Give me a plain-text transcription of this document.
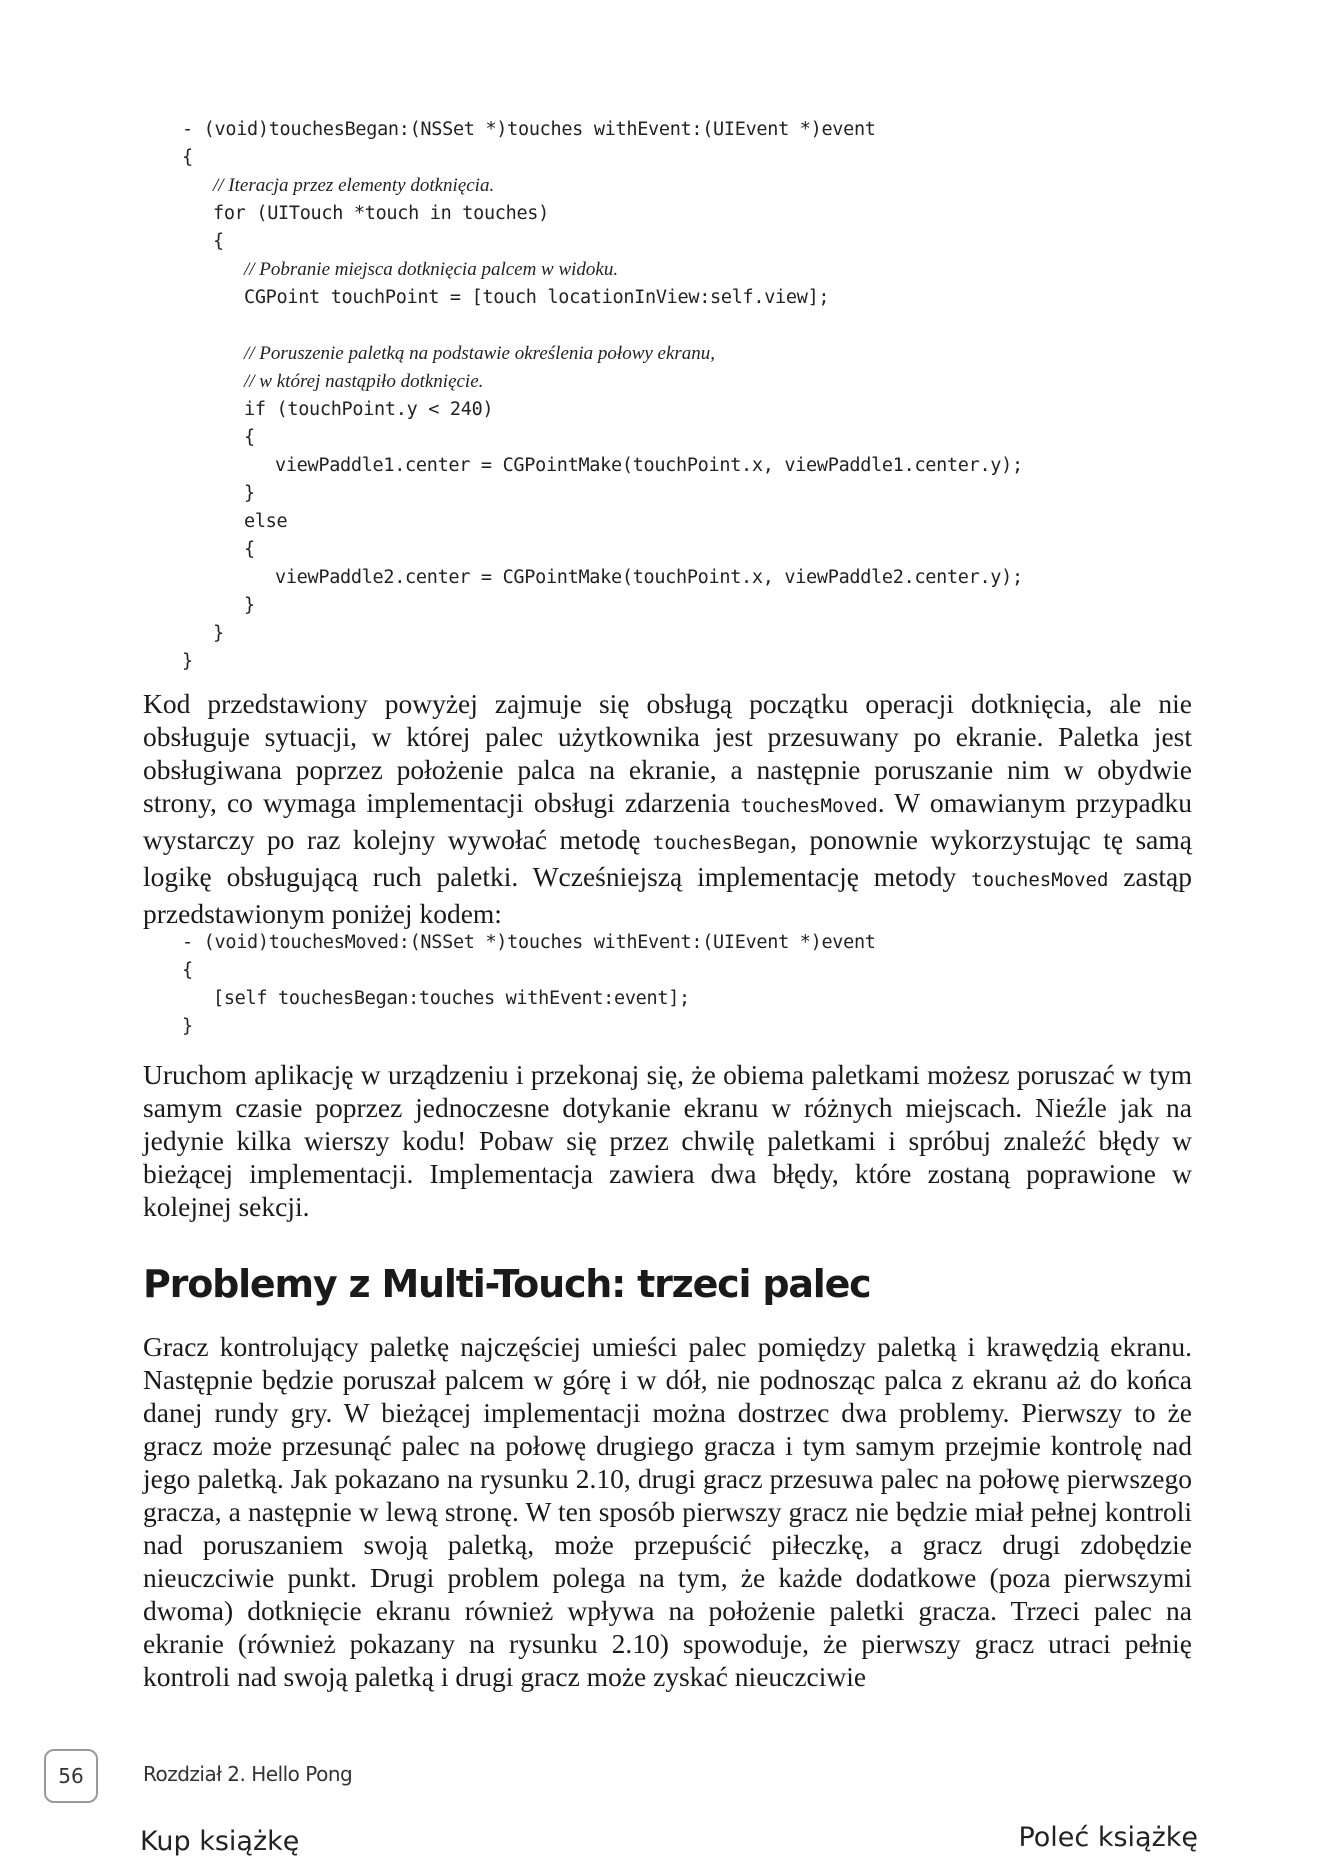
- (void)touchesBegan:(NSSet *)touches withEvent:(UIEvent *)event
{
// Iteracja przez elementy dotknięcia.
for (UITouch *touch in touches)
{
// Pobranie miejsca dotknięcia palcem w widoku.
CGPoint touchPoint = [touch locationInView:self.view];
// Poruszenie paletką na podstawie określenia połowy ekranu,
// w której nastąpiło dotknięcie.
if (touchPoint.y < 240)
{
viewPaddle1.center = CGPointMake(touchPoint.x, viewPaddle1.center.y);
}
else
{
viewPaddle2.center = CGPointMake(touchPoint.x, viewPaddle2.center.y);
}
}
}
Kod przedstawiony powyżej zajmuje się obsługą początku operacji dotknięcia, ale nie obsługuje sytuacji, w której palec użytkownika jest przesuwany po ekranie. Paletka jest obsługiwana poprzez położenie palca na ekranie, a następnie poruszanie nim w obydwie strony, co wymaga implementacji obsługi zdarzenia touchesMoved. W omawianym przypadku wystarczy po raz kolejny wywołać metodę touchesBegan, ponownie wykorzystując tę samą logikę obsługującą ruch paletki. Wcześniejszą implementację metody touchesMoved zastąp przedstawionym poniżej kodem:
- (void)touchesMoved:(NSSet *)touches withEvent:(UIEvent *)event
{
[self touchesBegan:touches withEvent:event];
}
Uruchom aplikację w urządzeniu i przekonaj się, że obiema paletkami możesz poruszać w tym samym czasie poprzez jednoczesne dotykanie ekranu w różnych miejscach. Nieźle jak na jedynie kilka wierszy kodu! Pobaw się przez chwilę paletkami i spróbuj znaleźć błędy w bieżącej implementacji. Implementacja zawiera dwa błędy, które zostaną poprawione w kolejnej sekcji.
Problemy z Multi-Touch: trzeci palec
Gracz kontrolujący paletkę najczęściej umieści palec pomiędzy paletką i krawędzią ekranu. Następnie będzie poruszał palcem w górę i w dół, nie podnosząc palca z ekranu aż do końca danej rundy gry. W bieżącej implementacji można dostrzec dwa problemy. Pierwszy to że gracz może przesunąć palec na połowę drugiego gracza i tym samym przejmie kontrolę nad jego paletką. Jak pokazano na rysunku 2.10, drugi gracz przesuwa palec na połowę pierwszego gracza, a następnie w lewą stronę. W ten sposób pierwszy gracz nie będzie miał pełnej kontroli nad poruszaniem swoją paletką, może przepuścić piłeczkę, a gracz drugi zdobędzie nieuczciwie punkt. Drugi problem polega na tym, że każde dodatkowe (poza pierwszymi dwoma) dotknięcie ekranu również wpływa na położenie paletki gracza. Trzeci palec na ekranie (również pokazany na rysunku 2.10) spowoduje, że pierwszy gracz utraci pełnię kontroli nad swoją paletką i drugi gracz może zyskać nieuczciwie
56	Rozdział 2. Hello Pong
Kup książkę	Poleć książkę
